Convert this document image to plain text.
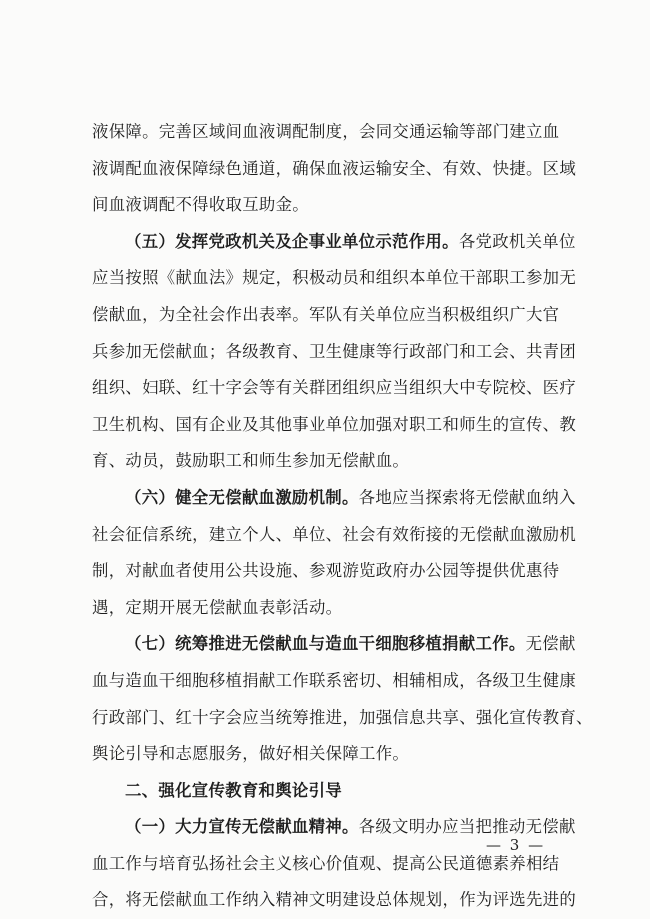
液保障。完善区域间血液调配制度，会同交通运输等部门建立血
液调配血液保障绿色通道，确保血液运输安全、有效、快捷。区域
间血液调配不得收取互助金。
（五）发挥党政机关及企事业单位示范作用。各党政机关单位
应当按照《献血法》规定，积极动员和组织本单位干部职工参加无
偿献血，为全社会作出表率。军队有关单位应当积极组织广大官
兵参加无偿献血；各级教育、卫生健康等行政部门和工会、共青团
组织、妇联、红十字会等有关群团组织应当组织大中专院校、医疗
卫生机构、国有企业及其他事业单位加强对职工和师生的宣传、教
育、动员，鼓励职工和师生参加无偿献血。
（六）健全无偿献血激励机制。各地应当探索将无偿献血纳入
社会征信系统，建立个人、单位、社会有效衔接的无偿献血激励机
制，对献血者使用公共设施、参观游览政府办公园等提供优惠待
遇，定期开展无偿献血表彰活动。
（七）统筹推进无偿献血与造血干细胞移植捐献工作。无偿献
血与造血干细胞移植捐献工作联系密切、相辅相成，各级卫生健康
行政部门、红十字会应当统筹推进，加强信息共享、强化宣传教育、
舆论引导和志愿服务，做好相关保障工作。
二、强化宣传教育和舆论引导
（一）大力宣传无偿献血精神。各级文明办应当把推动无偿献
血工作与培育弘扬社会主义核心价值观、提高公民道德素养相结
合，将无偿献血工作纳入精神文明建设总体规划，作为评选先进的
— 3 —
